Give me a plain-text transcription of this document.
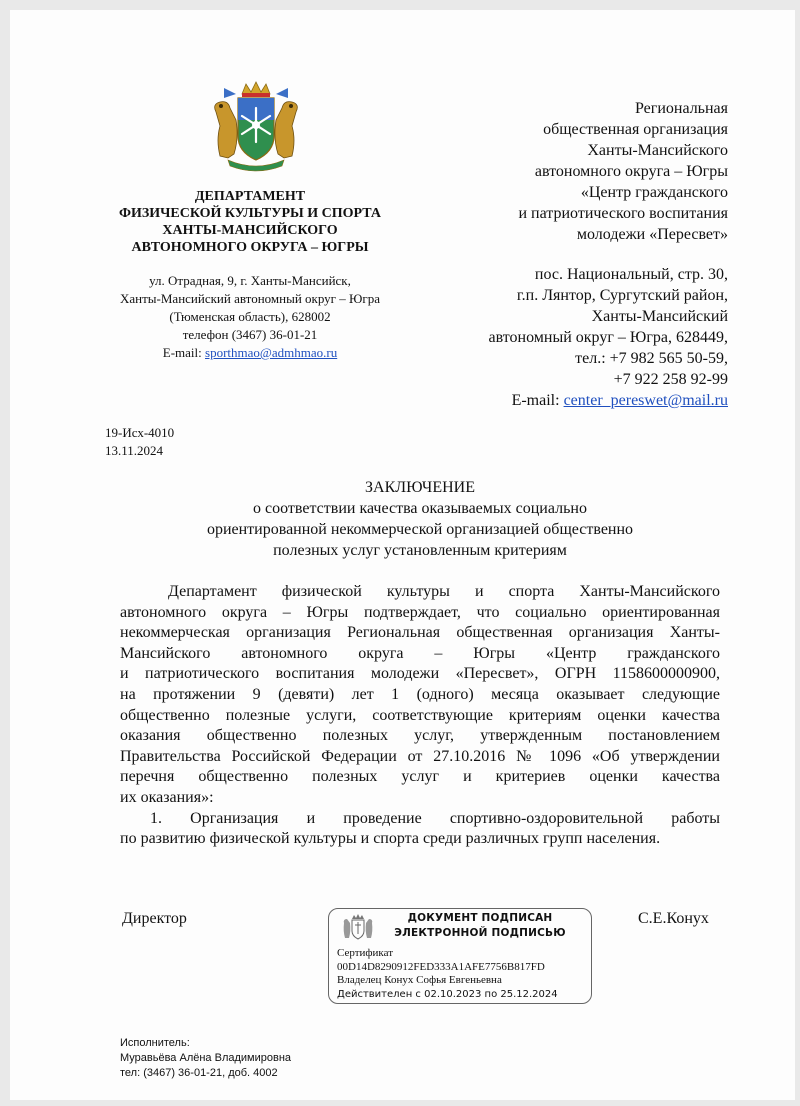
ДЕПАРТАМЕНТ
ФИЗИЧЕСКОЙ КУЛЬТУРЫ И СПОРТА
ХАНТЫ-МАНСИЙСКОГО
АВТОНОМНОГО ОКРУГА – ЮГРЫ
ул. Отрадная, 9, г. Ханты-Мансийск,
Ханты-Мансийский автономный округ – Югра
(Тюменская область), 628002
телефон (3467) 36-01-21
E-mail: sporthmao@admhmao.ru
Региональная
общественная организация
Ханты-Мансийского
автономного округа – Югры
«Центр гражданского
и патриотического воспитания
молодежи «Пересвет»
пос. Национальный, стр. 30,
г.п. Лянтор, Сургутский район,
Ханты-Мансийский
автономный округ – Югра, 628449,
тел.: +7 982 565 50-59,
+7 922 258 92-99
E-mail: center_pereswet@mail.ru
19-Исх-4010
13.11.2024
ЗАКЛЮЧЕНИЕ
о соответствии качества оказываемых социально
ориентированной некоммерческой организацией общественно
полезных услуг установленным критериям
Департамент физической культуры и спорта Ханты-Мансийского
автономного округа – Югры подтверждает, что социально ориентированная
некоммерческая организация Региональная общественная организация Ханты-
Мансийского автономного округа – Югры «Центр гражданского
и патриотического воспитания молодежи «Пересвет», ОГРН 1158600000900,
на протяжении 9 (девяти) лет 1 (одного) месяца оказывает следующие
общественно полезные услуги, соответствующие критериям оценки качества
оказания общественно полезных услуг, утвержденным постановлением
Правительства Российской Федерации от 27.10.2016 № 1096 «Об утверждении
перечня общественно полезных услуг и критериев оценки качества
их оказания»:
1. Организация и проведение спортивно-оздоровительной работы
по развитию физической культуры и спорта среди различных групп населения.
Директор	ДОКУМЕНТ ПОДПИСАН
ЭЛЕКТРОННОЙ ПОДПИСЬЮ
Сертификат
00D14D8290912FED333A1AFE7756B817FD
Владелец Конух Софья Евгеньевна
Действителен с 02.10.2023 по 25.12.2024
С.Е.Конух
Исполнитель:
Муравьёва Алёна Владимировна
тел: (3467) 36-01-21, доб. 4002
